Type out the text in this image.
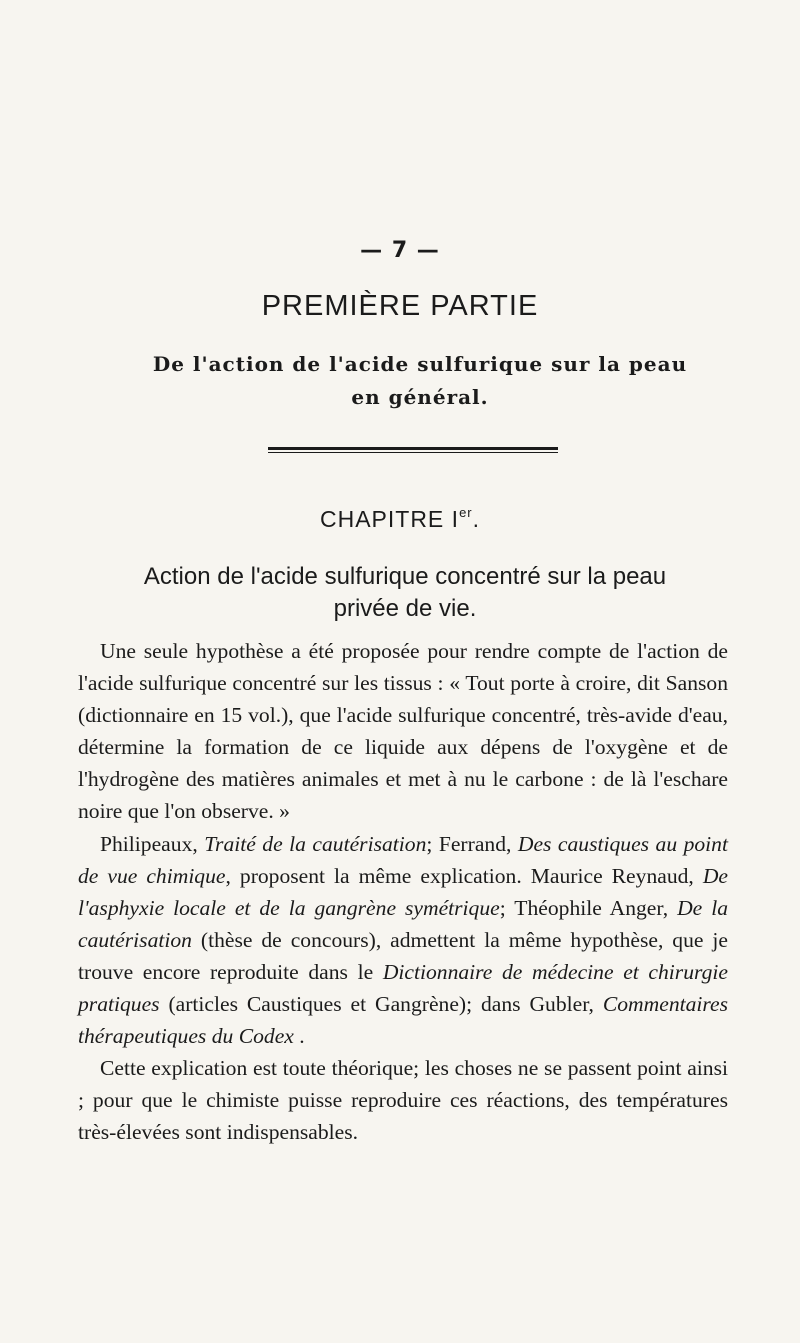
— 7 —
PREMIÈRE PARTIE
De l'action de l'acide sulfurique sur la peau en général.
CHAPITRE Ier.
Action de l'acide sulfurique concentré sur la peau privée de vie.

Une seule hypothèse a été proposée pour rendre compte de l'action de l'acide sulfurique concentré sur les tissus : « Tout porte à croire, dit Sanson (dictionnaire en 15 vol.), que l'acide sulfurique concentré, très-avide d'eau, détermine la formation de ce liquide aux dépens de l'oxygène et de l'hydrogène des matières animales et met à nu le carbone : de là l'eschare noire que l'on observe. »

Philipeaux, Traité de la cautérisation; Ferrand, Des caustiques au point de vue chimique, proposent la même explication. Maurice Reynaud, De l'asphyxie locale et de la gangrène symétrique; Théophile Anger, De la cautérisation (thèse de concours), admettent la même hypothèse, que je trouve encore reproduite dans le Dictionnaire de médecine et chirurgie pratiques (articles Caustiques et Gangrène); dans Gubler, Commentaires thérapeutiques du Codex .

Cette explication est toute théorique; les choses ne se passent point ainsi ; pour que le chimiste puisse reproduire ces réactions, des températures très-élevées sont indispensables.
